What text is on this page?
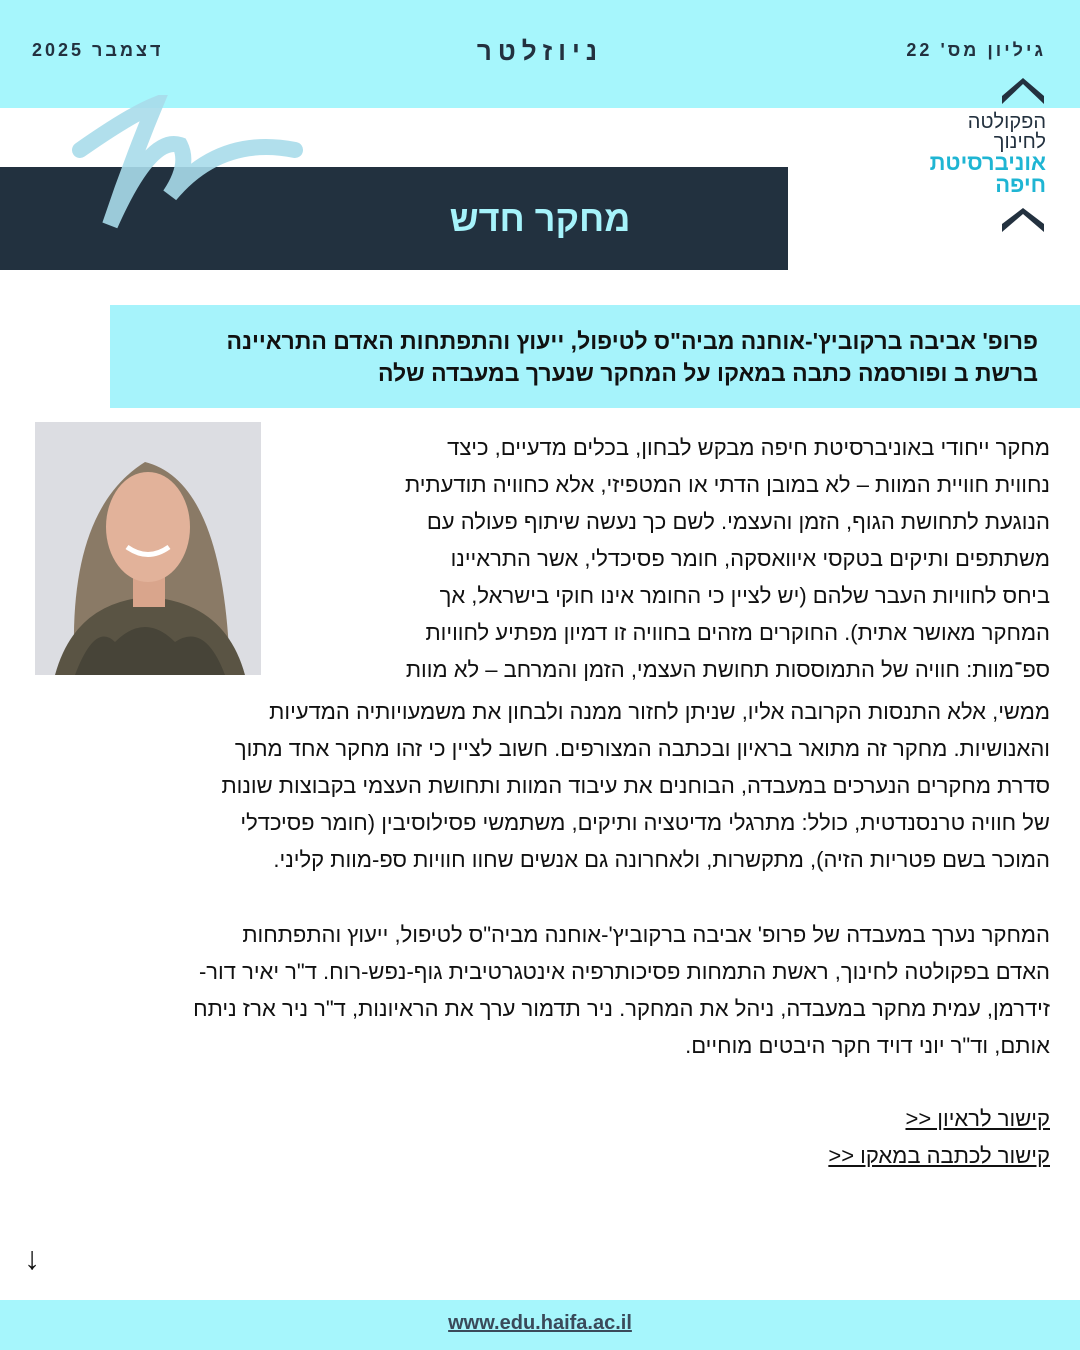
גיליון מס' 22
ניוזלטר
דצמבר 2025
הפקולטה
לחינוך
אוניברסיטת
חיפה
מחקר חדש
פרופ' אביבה ברקוביץ'-אוחנה מביה"ס לטיפול, ייעוץ והתפתחות האדם התראיינה
ברשת ב ופורסמה כתבה במאקו על המחקר שנערך במעבדה שלה
מחקר ייחודי באוניברסיטת חיפה מבקש לבחון, בכלים מדעיים, כיצד
נחווית חוויית המוות – לא במובן הדתי או המטפיזי, אלא כחוויה תודעתית
הנוגעת לתחושת הגוף, הזמן והעצמי. לשם כך נעשה שיתוף פעולה עם
משתתפים ותיקים בטקסי איוואסקה, חומר פסיכדלי, אשר התראיינו
ביחס לחוויות העבר שלהם (יש לציין כי החומר אינו חוקי בישראל, אך
המחקר מאושר אתית). החוקרים מזהים בחוויה זו דמיון מפתיע לחוויות
ספ־מוות: חוויה של התמוססות תחושת העצמי, הזמן והמרחב – לא מוות
ממשי, אלא התנסות הקרובה אליו, שניתן לחזור ממנה ולבחון את משמעויותיה המדעיות
והאנושיות. מחקר זה מתואר בראיון ובכתבה המצורפים. חשוב לציין כי זהו מחקר אחד מתוך
סדרת מחקרים הנערכים במעבדה, הבוחנים את עיבוד המוות ותחושת העצמי בקבוצות שונות
של חוויה טרנסנדטית, כולל: מתרגלי מדיטציה ותיקים, משתמשי פסילוסיבין (חומר פסיכדלי
המוכר בשם פטריות הזיה), מתקשרות, ולאחרונה גם אנשים שחוו חוויות ספ-מוות קליני.
המחקר נערך במעבדה של פרופ' אביבה ברקוביץ'-אוחנה מביה"ס לטיפול, ייעוץ והתפתחות
האדם בפקולטה לחינוך, ראשת התמחות פסיכותרפיה אינטגרטיבית גוף-נפש-רוח. ד"ר יאיר דור-
זידרמן, עמית מחקר במעבדה, ניהל את המחקר. ניר תדמור ערך את הראיונות, ד"ר ניר ארז ניתח
אותם, וד"ר יוני דויד חקר היבטים מוחיים.
קישור לראיון <<
קישור לכתבה במאקו <<
↓
www.edu.haifa.ac.il
